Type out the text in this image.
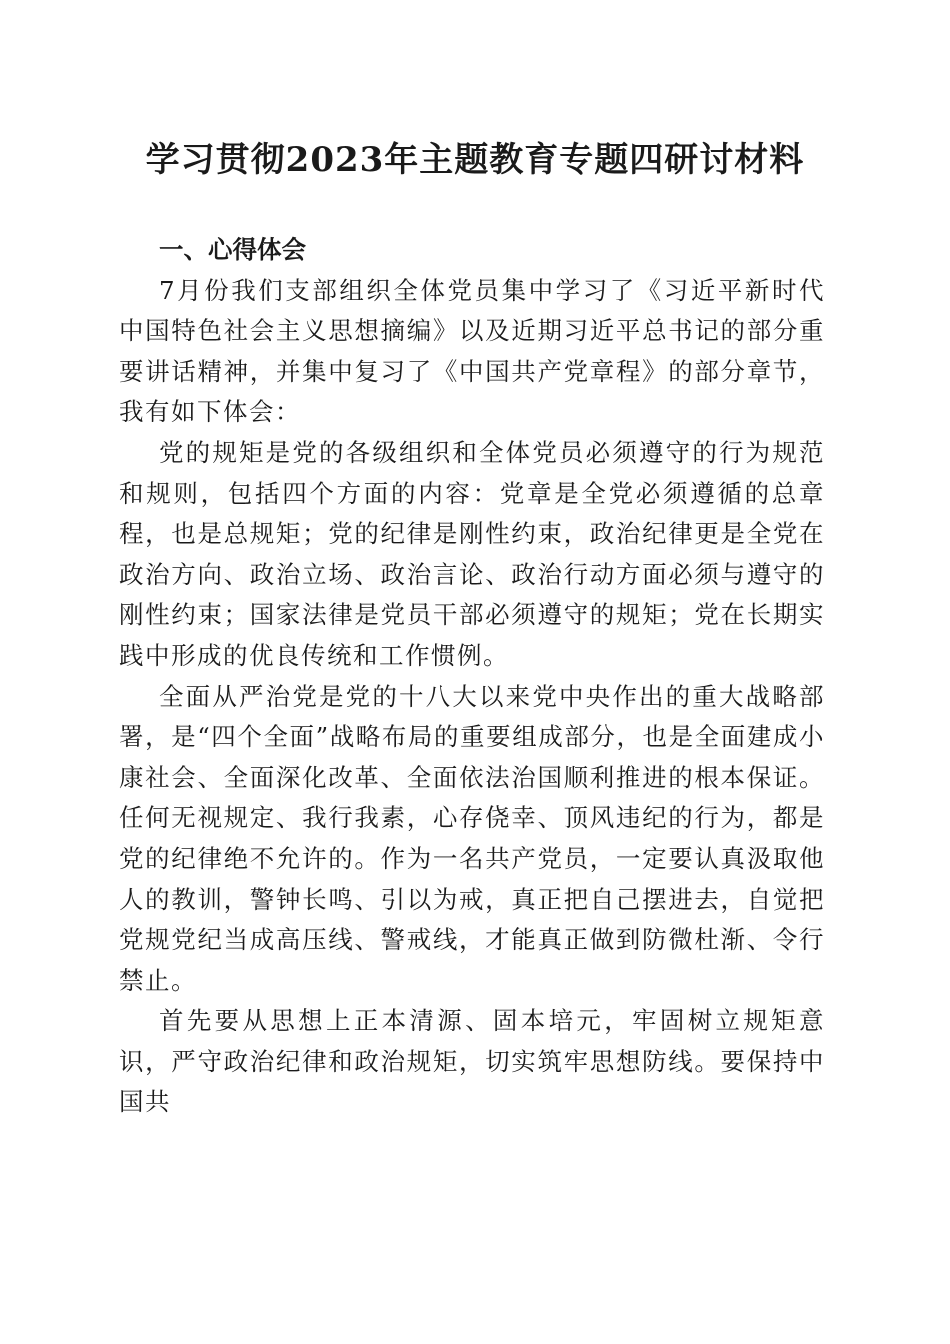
学习贯彻2023年主题教育专题四研讨材料

一、心得体会

7月份我们支部组织全体党员集中学习了《习近平新时代中国特色社会主义思想摘编》以及近期习近平总书记的部分重要讲话精神，并集中复习了《中国共产党章程》的部分章节，我有如下体会：

党的规矩是党的各级组织和全体党员必须遵守的行为规范和规则，包括四个方面的内容：党章是全党必须遵循的总章程，也是总规矩；党的纪律是刚性约束，政治纪律更是全党在政治方向、政治立场、政治言论、政治行动方面必须与遵守的刚性约束；国家法律是党员干部必须遵守的规矩；党在长期实践中形成的优良传统和工作惯例。

全面从严治党是党的十八大以来党中央作出的重大战略部署，是“四个全面”战略布局的重要组成部分，也是全面建成小康社会、全面深化改革、全面依法治国顺利推进的根本保证。任何无视规定、我行我素，心存侥幸、顶风违纪的行为，都是党的纪律绝不允许的。作为一名共产党员，一定要认真汲取他人的教训，警钟长鸣、引以为戒，真正把自己摆进去，自觉把党规党纪当成高压线、警戒线，才能真正做到防微杜渐、令行禁止。

首先要从思想上正本清源、固本培元，牢固树立规矩意识，严守政治纪律和政治规矩，切实筑牢思想防线。要保持中国共
